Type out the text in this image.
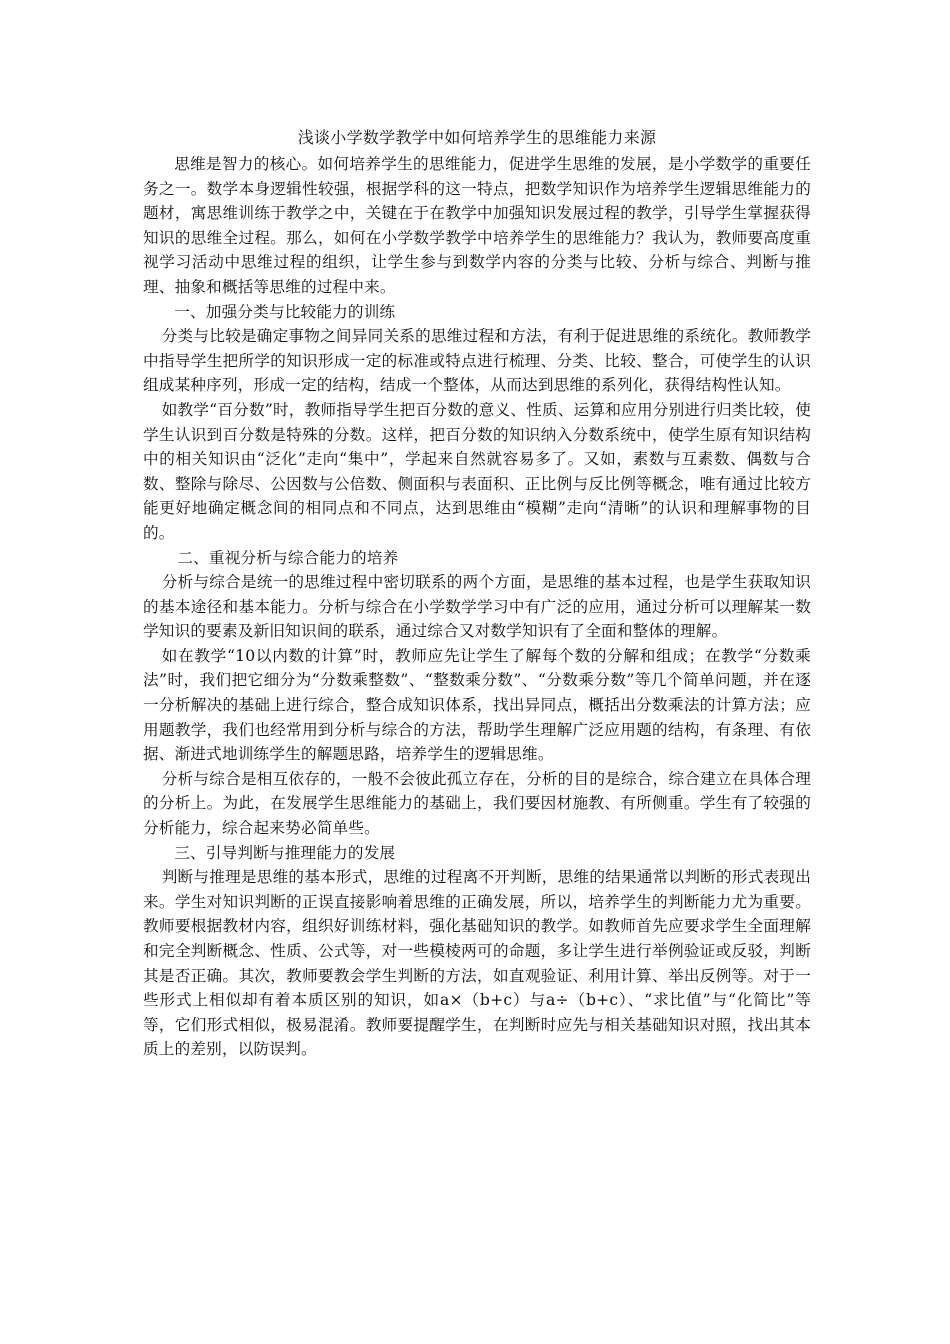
浅谈小学数学教学中如何培养学生的思维能力来源

思维是智力的核心。如何培养学生的思维能力，促进学生思维的发展，是小学数学的重要任务之一。数学本身逻辑性较强，根据学科的这一特点，把数学知识作为培养学生逻辑思维能力的题材，寓思维训练于教学之中，关键在于在教学中加强知识发展过程的教学，引导学生掌握获得知识的思维全过程。那么，如何在小学数学教学中培养学生的思维能力？我认为，教师要高度重视学习活动中思维过程的组织，让学生参与到数学内容的分类与比较、分析与综合、判断与推理、抽象和概括等思维的过程中来。

一、加强分类与比较能力的训练

分类与比较是确定事物之间异同关系的思维过程和方法，有利于促进思维的系统化。教师教学中指导学生把所学的知识形成一定的标准或特点进行梳理、分类、比较、整合，可使学生的认识组成某种序列，形成一定的结构，结成一个整体，从而达到思维的系列化，获得结构性认知。

如教学“百分数”时，教师指导学生把百分数的意义、性质、运算和应用分别进行归类比较，使学生认识到百分数是特殊的分数。这样，把百分数的知识纳入分数系统中，使学生原有知识结构中的相关知识由“泛化”走向“集中”，学起来自然就容易多了。又如，素数与互素数、偶数与合数、整除与除尽、公因数与公倍数、侧面积与表面积、正比例与反比例等概念，唯有通过比较方能更好地确定概念间的相同点和不同点，达到思维由“模糊”走向“清晰”的认识和理解事物的目的。

二、重视分析与综合能力的培养

分析与综合是统一的思维过程中密切联系的两个方面，是思维的基本过程，也是学生获取知识的基本途径和基本能力。分析与综合在小学数学学习中有广泛的应用，通过分析可以理解某一数学知识的要素及新旧知识间的联系，通过综合又对数学知识有了全面和整体的理解。

如在教学“10以内数的计算”时，教师应先让学生了解每个数的分解和组成；在教学“分数乘法”时，我们把它细分为“分数乘整数”、“整数乘分数”、“分数乘分数”等几个简单问题，并在逐一分析解决的基础上进行综合，整合成知识体系，找出异同点，概括出分数乘法的计算方法；应用题教学，我们也经常用到分析与综合的方法，帮助学生理解广泛应用题的结构，有条理、有依据、渐进式地训练学生的解题思路，培养学生的逻辑思维。

分析与综合是相互依存的，一般不会彼此孤立存在，分析的目的是综合，综合建立在具体合理的分析上。为此，在发展学生思维能力的基础上，我们要因材施教、有所侧重。学生有了较强的分析能力，综合起来势必简单些。

三、引导判断与推理能力的发展

判断与推理是思维的基本形式，思维的过程离不开判断，思维的结果通常以判断的形式表现出来。学生对知识判断的正误直接影响着思维的正确发展，所以，培养学生的判断能力尤为重要。教师要根据教材内容，组织好训练材料，强化基础知识的教学。如教师首先应要求学生全面理解和完全判断概念、性质、公式等，对一些模棱两可的命题，多让学生进行举例验证或反驳，判断其是否正确。其次，教师要教会学生判断的方法，如直观验证、利用计算、举出反例等。对于一些形式上相似却有着本质区别的知识，如a×（b+c）与a÷（b+c）、“求比值”与“化简比”等等，它们形式相似，极易混淆。教师要提醒学生，在判断时应先与相关基础知识对照，找出其本质上的差别，以防误判。
